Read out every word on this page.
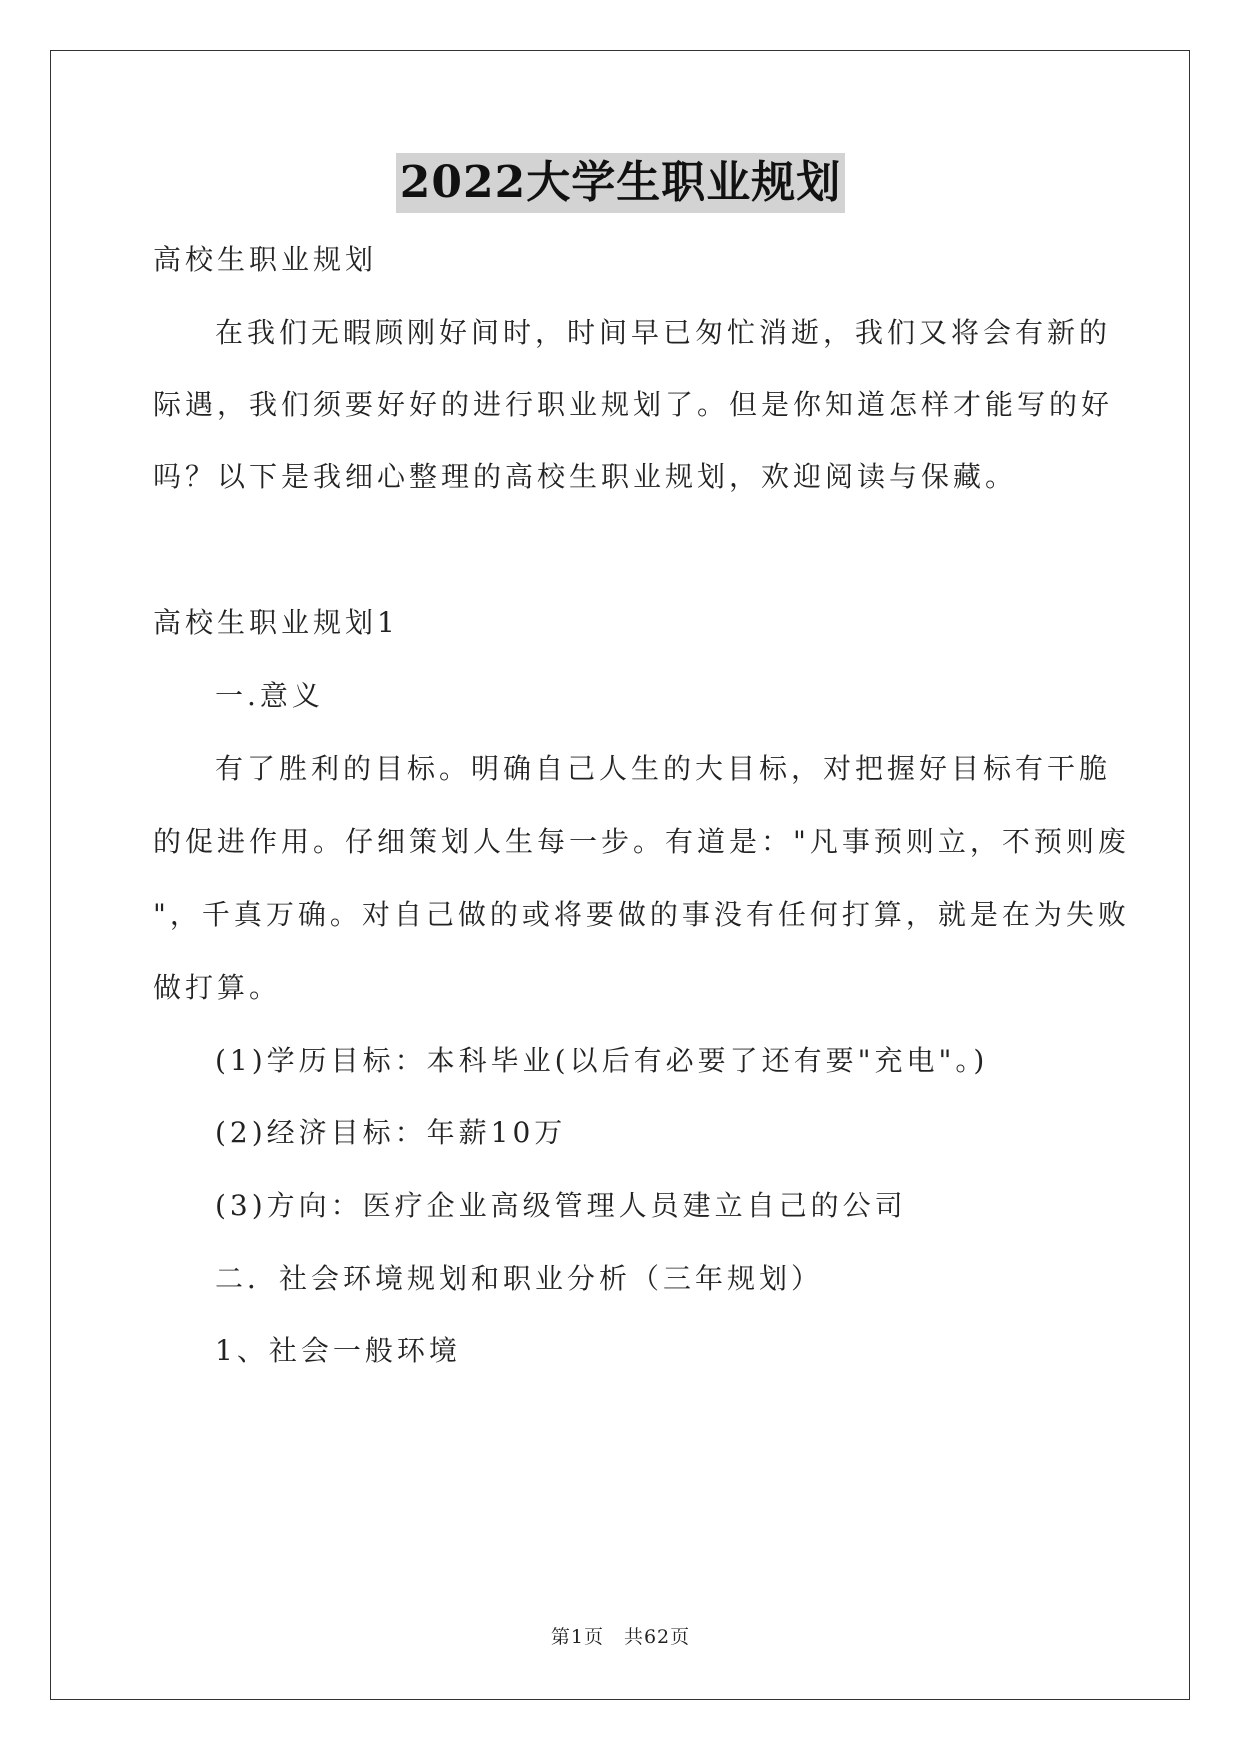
2022大学生职业规划
高校生职业规划
在我们无暇顾刚好间时，时间早已匆忙消逝，我们又将会有新的
际遇，我们须要好好的进行职业规划了。但是你知道怎样才能写的好
吗？以下是我细心整理的高校生职业规划，欢迎阅读与保藏。
高校生职业规划1
一.意义
有了胜利的目标。明确自己人生的大目标，对把握好目标有干脆
的促进作用。仔细策划人生每一步。有道是："凡事预则立，不预则废
"，千真万确。对自己做的或将要做的事没有任何打算，就是在为失败
做打算。
(1)学历目标：本科毕业(以后有必要了还有要"充电"。)
(2)经济目标：年薪10万
(3)方向：医疗企业高级管理人员建立自己的公司
二．社会环境规划和职业分析（三年规划）
1、社会一般环境
第1页　共62页
